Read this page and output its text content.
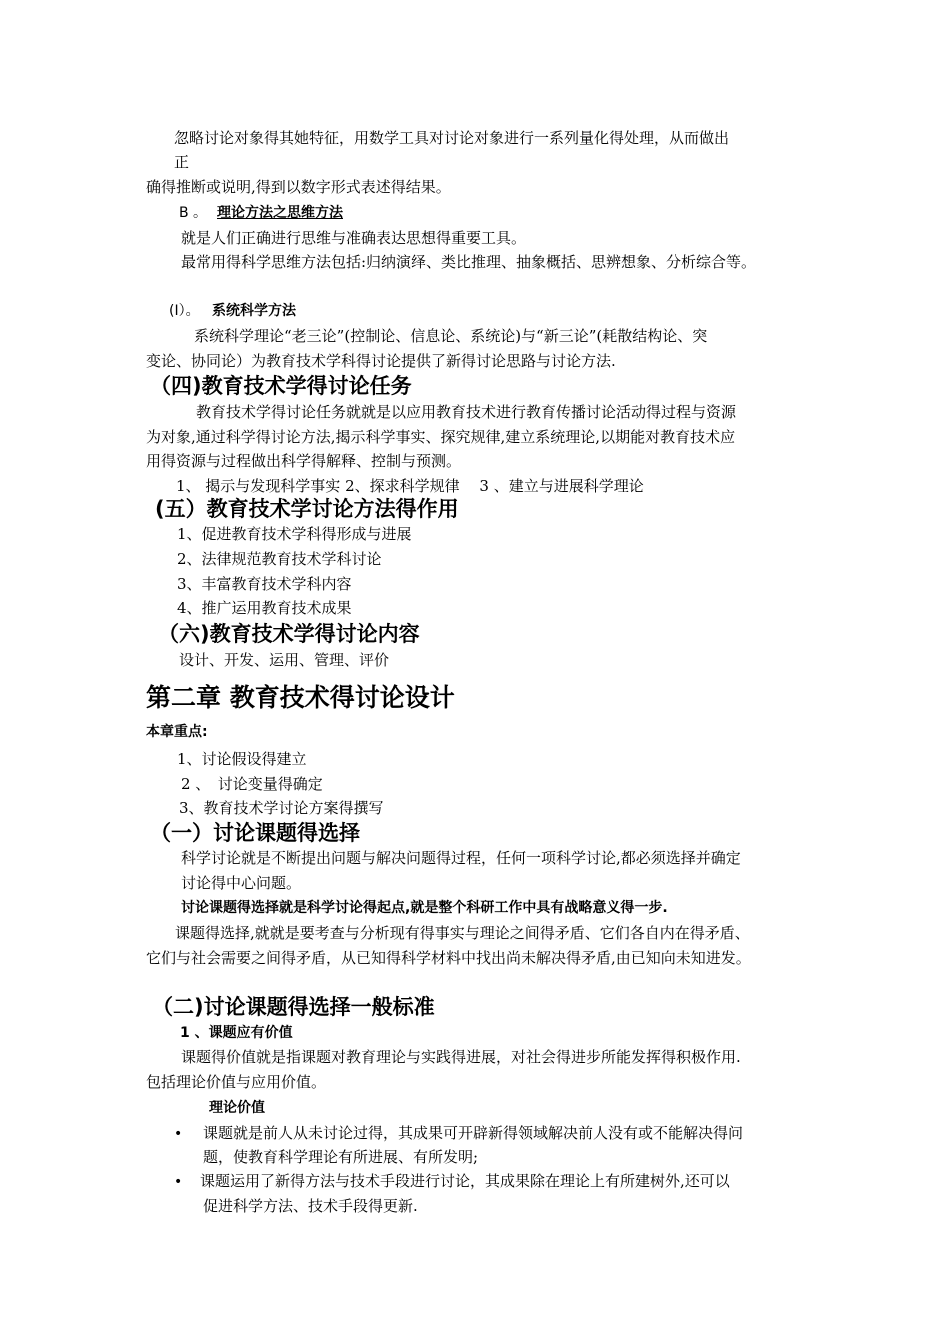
忽略讨论对象得其她特征，用数学工具对讨论对象进行一系列量化得处理，从而做出
正
确得推断或说明,得到以数字形式表述得结果。
B 。 理论方法之思维方法
就是人们正确进行思维与准确表达思想得重要工具。
最常用得科学思维方法包括:归纳演绎、类比推理、抽象概括、思辨想象、分析综合等。
(I）。 系统科学方法
系统科学理论“老三论”(控制论、信息论、系统论)与“新三论”(耗散结构论、突
变论、协同论）为教育技术学科得讨论提供了新得讨论思路与讨论方法.
（四)教育技术学得讨论任务
教育技术学得讨论任务就就是以应用教育技术进行教育传播讨论活动得过程与资源
为对象,通过科学得讨论方法,揭示科学事实、探究规律,建立系统理论,以期能对教育技术应
用得资源与过程做出科学得解释、控制与预测。
1、 揭示与发现科学事实 2、探求科学规律　 3 、建立与进展科学理论
(五）教育技术学讨论方法得作用
1、促进教育技术学科得形成与进展
2、法律规范教育技术学科讨论
3、丰富教育技术学科内容
4、推广运用教育技术成果
（六)教育技术学得讨论内容
设计、开发、运用、管理、评价
第二章 教育技术得讨论设计
本章重点:
1、讨论假设得建立
2 、　讨论变量得确定
3、教育技术学讨论方案得撰写
（一）讨论课题得选择
科学讨论就是不断提出问题与解决问题得过程，任何一项科学讨论,都必须选择并确定
讨论得中心问题。
讨论课题得选择就是科学讨论得起点,就是整个科研工作中具有战略意义得一步.
课题得选择,就就是要考查与分析现有得事实与理论之间得矛盾、它们各自内在得矛盾、
它们与社会需要之间得矛盾，从已知得科学材料中找出尚未解决得矛盾,由已知向未知进发。
（二)讨论课题得选择一般标准
1 、课题应有价值
课题得价值就是指课题对教育理论与实践得进展，对社会得进步所能发挥得积极作用.
包括理论价值与应用价值。
理论价值
• 课题就是前人从未讨论过得，其成果可开辟新得领域解决前人没有或不能解决得问
题，使教育科学理论有所进展、有所发明;
• 课题运用了新得方法与技术手段进行讨论，其成果除在理论上有所建树外,还可以
促进科学方法、技术手段得更新.
